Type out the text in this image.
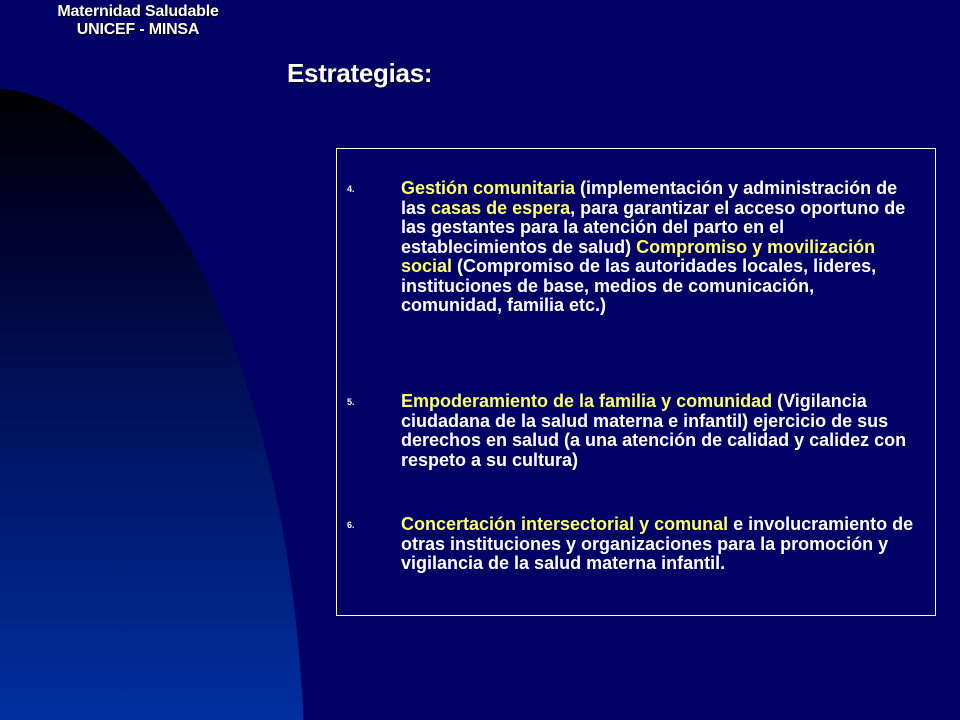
Maternidad Saludable
UNICEF - MINSA
Estrategias:
4.	Gestión comunitaria (implementación y administración de las casas de espera, para garantizar el acceso oportuno de las gestantes para la atención del parto en el establecimientos de salud) Compromiso y movilización social (Compromiso de las autoridades locales, lideres, instituciones de base, medios de comunicación, comunidad, familia etc.)
5.	Empoderamiento de la familia y comunidad (Vigilancia ciudadana de la salud materna e infantil) ejercicio de sus derechos en salud (a una atención de calidad y calidez con respeto a su cultura)
6.	Concertación intersectorial y comunal e involucramiento de otras instituciones y organizaciones para la promoción y vigilancia de la salud materna infantil.
